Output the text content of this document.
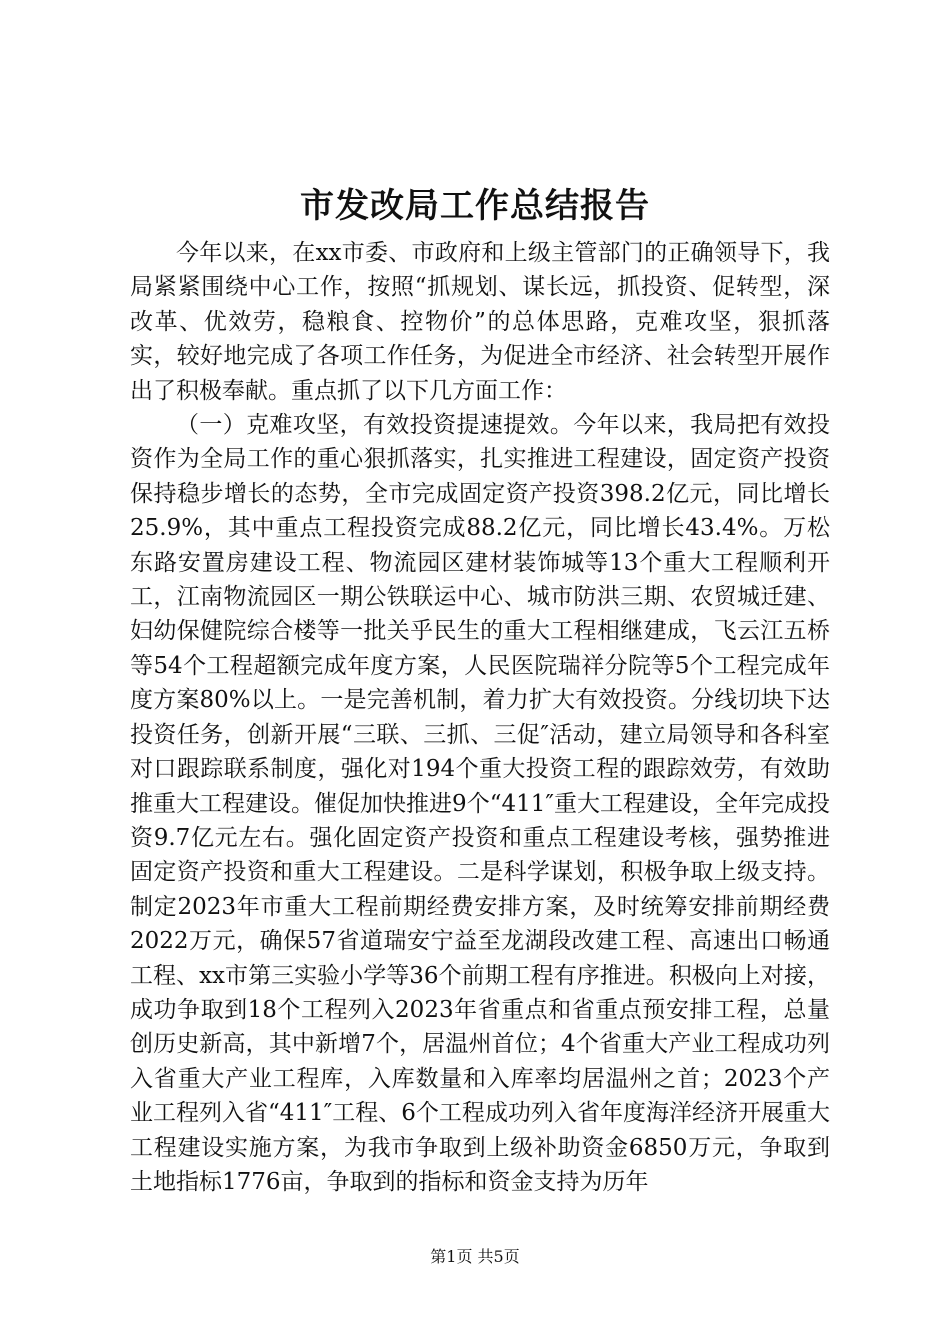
市发改局工作总结报告

今年以来，在xx市委、市政府和上级主管部门的正确领导下，我局紧紧围绕中心工作，按照“抓规划、谋长远，抓投资、促转型，深改革、优效劳，稳粮食、控物价”的总体思路，克难攻坚，狠抓落实，较好地完成了各项工作任务，为促进全市经济、社会转型开展作出了积极奉献。重点抓了以下几方面工作：

（一）克难攻坚，有效投资提速提效。今年以来，我局把有效投资作为全局工作的重心狠抓落实，扎实推进工程建设，固定资产投资保持稳步增长的态势，全市完成固定资产投资398.2亿元，同比增长25.9%，其中重点工程投资完成88.2亿元，同比增长43.4%。万松东路安置房建设工程、物流园区建材装饰城等13个重大工程顺利开工，江南物流园区一期公铁联运中心、城市防洪三期、农贸城迁建、妇幼保健院综合楼等一批关乎民生的重大工程相继建成，飞云江五桥等54个工程超额完成年度方案，人民医院瑞祥分院等5个工程完成年度方案80%以上。一是完善机制，着力扩大有效投资。分线切块下达投资任务，创新开展“三联、三抓、三促″活动，建立局领导和各科室对口跟踪联系制度，强化对194个重大投资工程的跟踪效劳，有效助推重大工程建设。催促加快推进9个“411″重大工程建设，全年完成投资9.7亿元左右。强化固定资产投资和重点工程建设考核，强势推进固定资产投资和重大工程建设。二是科学谋划，积极争取上级支持。制定2023年市重大工程前期经费安排方案，及时统筹安排前期经费2022万元，确保57省道瑞安宁益至龙湖段改建工程、高速出口畅通工程、xx市第三实验小学等36个前期工程有序推进。积极向上对接，成功争取到18个工程列入2023年省重点和省重点预安排工程，总量创历史新高，其中新增7个，居温州首位；4个省重大产业工程成功列入省重大产业工程库，入库数量和入库率均居温州之首；2023个产业工程列入省“411″工程、6个工程成功列入省年度海洋经济开展重大工程建设实施方案，为我市争取到上级补助资金6850万元，争取到土地指标1776亩，争取到的指标和资金支持为历年

第1页 共5页
